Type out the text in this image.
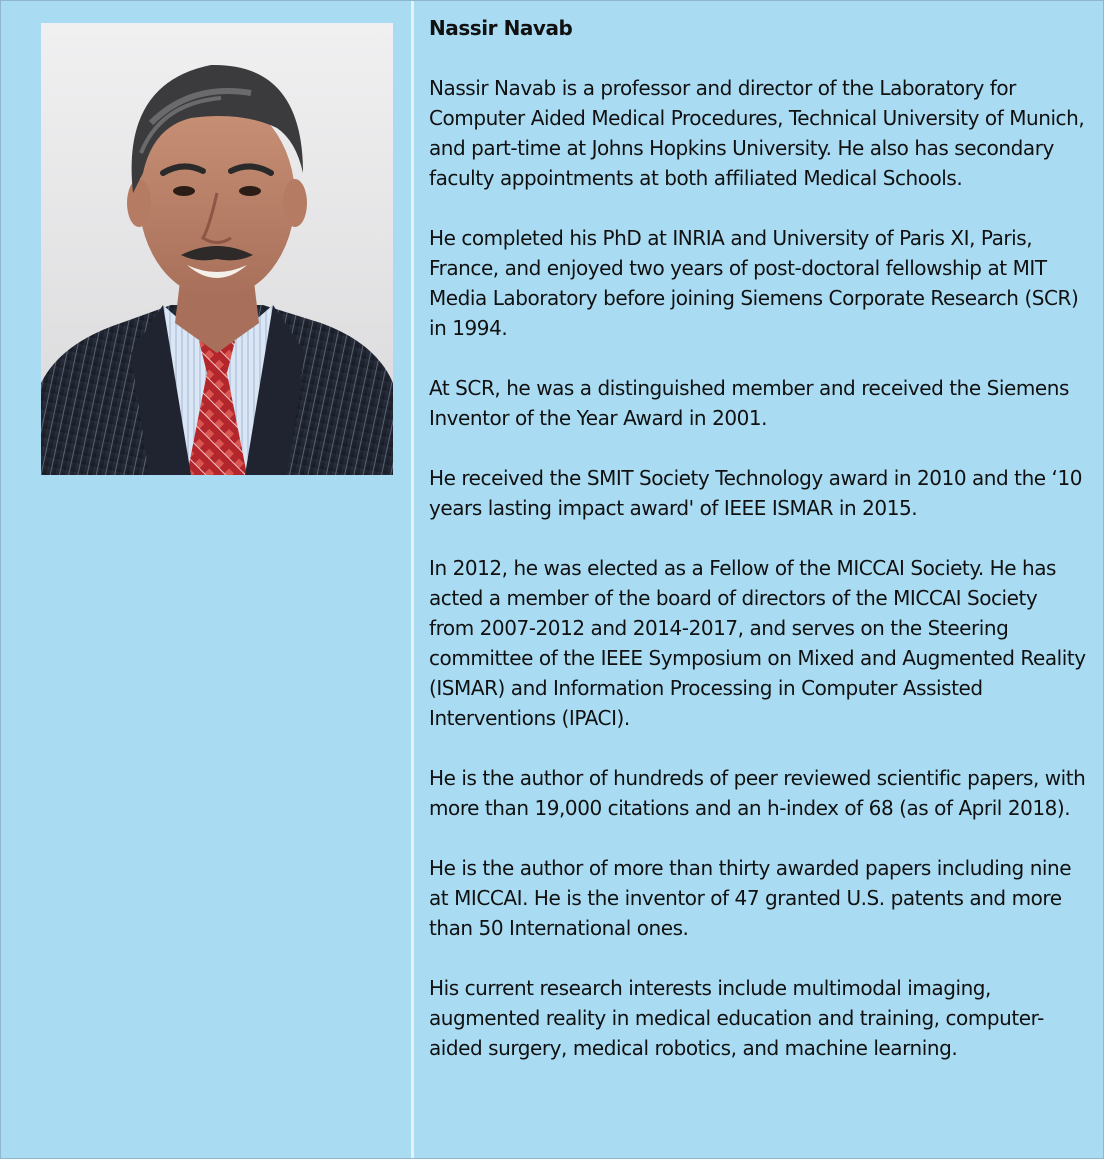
Nassir Navab

Nassir Navab is a professor and director of the Laboratory for Computer Aided Medical Procedures, Technical University of Munich, and part-time at Johns Hopkins University. He also has secondary faculty appointments at both affiliated Medical Schools.

He completed his PhD at INRIA and University of Paris XI, Paris, France, and enjoyed two years of post-doctoral fellowship at MIT Media Laboratory before joining Siemens Corporate Research (SCR) in 1994.

At SCR, he was a distinguished member and received the Siemens Inventor of the Year Award in 2001.

He received the SMIT Society Technology award in 2010 and the ‘10 years lasting impact award' of IEEE ISMAR in 2015.

In 2012, he was elected as a Fellow of the MICCAI Society. He has acted a member of the board of directors of the MICCAI Society from 2007-2012 and 2014-2017, and serves on the Steering committee of the IEEE Symposium on Mixed and Augmented Reality (ISMAR) and Information Processing in Computer Assisted Interventions (IPACI).

He is the author of hundreds of peer reviewed scientific papers, with more than 19,000 citations and an h-index of 68 (as of April 2018).

He is the author of more than thirty awarded papers including nine at MICCAI. He is the inventor of 47 granted U.S. patents and more than 50 International ones.

His current research interests include multimodal imaging, augmented reality in medical education and training, computer-aided surgery, medical robotics, and machine learning.
